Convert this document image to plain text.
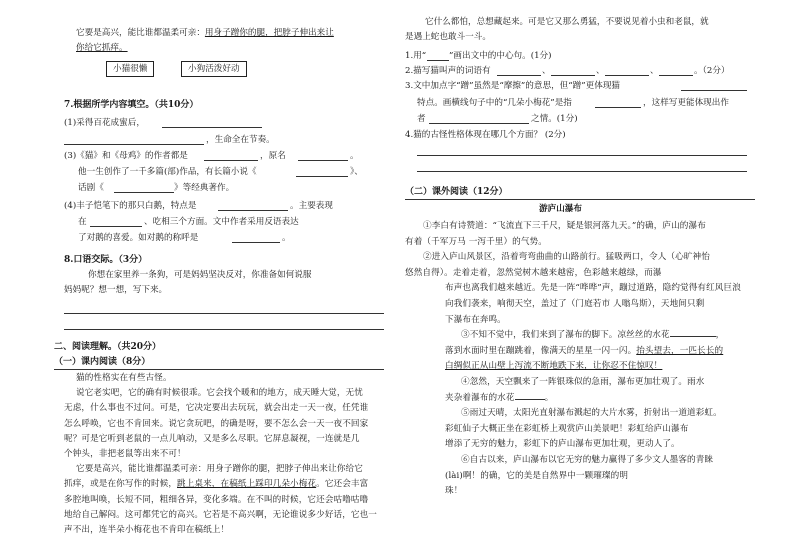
它要是高兴，能比谁都温柔可亲：用身子蹭你的腿，把脖子伸出来让

你给它抓痒。

小猫很懒	小狗活泼好动

7.根据所学内容填空。（共10分）

(1)采得百花成蜜后，

，生命全在节奏。

(3)《猫》和《母鸡》的作者都是	，原名	。

他一生创作了一千多篇(部)作品，有长篇小说《	》、

话剧《	》等经典著作。

(4)丰子恺笔下的那只白鹅，特点是	。主要表现

在	、吃相三个方面。文中作者采用反语表达

了对鹅的喜爱。如对鹅的称呼是	。

8.口语交际。（3分）

你想在家里养一条狗，可是妈妈坚决反对，你准备如何说服

妈妈呢？想一想，写下来。

二、阅读理解。（共20分）

（一）课内阅读（8分）

猫的性格实在有些古怪。

说它老实吧，它的确有时候很乖。它会找个暖和的地方，成天睡大觉，无忧

无虑，什么事也不过问。可是，它决定要出去玩玩，就会出走一天一夜，任凭谁

怎么呼唤，它也不肯回来。说它贪玩吧，的确是呀，要不怎么会一天一夜不回家

呢？可是它听到老鼠的一点儿响动，又是多么尽职。它屏息凝视，一连就是几

个钟头，非把老鼠等出来不可！

它要是高兴，能比谁都温柔可亲：用身子蹭你的腿，把脖子伸出来让你给它

抓痒，或是在你写作的时候，跳上桌来，在稿纸上踩印几朵小梅花。它还会丰富

多腔地叫唤，长短不同，粗细各异，变化多端。在不叫的时候，它还会咕噜咕噜

地给自己解闷。这可都凭它的高兴。它若是不高兴啊，无论谁说多少好话，它也一

声不出，连半朵小梅花也不肯印在稿纸上！

它什么都怕，总想藏起来。可是它又那么勇猛，不要说见着小虫和老鼠，就

是遇上蛇也敢斗一斗。

1.用“	”画出文中的中心句。(1分)

2.描写猫叫声的词语有	、	、	、	。（2分）

3.文中加点字“蹭”虽然是“摩擦”的意思，但“蹭”更体现猫

特点。画横线句子中的“几朵小梅花”是指	，这样写更能体现出作

者	之情。(1分)

4.猫的古怪性格体现在哪几个方面？ (2分)

（二）课外阅读（12分）

游庐山瀑布

①李白有诗赞道：“飞流直下三千尺，疑是银河落九天。”的确，庐山的瀑布

有着（千军万马 一泻千里）的气势。

②进入庐山风景区，沿着弯弯曲曲的山路前行。猛吸两口，令人（心旷神怡

悠然自得）。走着走着，忽然觉树木越来越密，色彩越来越绿，而瀑

布声也离我们越来越近。先是一阵“哗哗”声，蹦过道路，隐约觉得有红风巨浪

向我们袭来，响彻天空，盖过了（门庭若市 人嗡鸟斯），天地间只剩

下瀑布在奔鸣。

③不知不觉中，我们来到了瀑布的脚下。凉丝丝的水花	，

落到水面时里在蹦跳着，像满天的星星一闪一闪。抬头望去，一匹长长的

白绸似正从山壁上泻流不断地跌下来，让你忍不住惊叹！

④忽然，天空飘来了一阵银珠似的急雨，瀑布更加壮观了。雨水

夹杂着瀑布的水花	。

⑤雨过天晴，太阳光直射瀑布溅起的大片水雾，折射出一道道彩虹。

彩虹仙子大概正坐在彩虹桥上观赏庐山美景吧！彩虹给庐山瀑布

增添了无穷的魅力，彩虹下的庐山瀑布更加壮观，更动人了。

⑥自古以来，庐山瀑布以它无穷的魅力赢得了多少文人墨客的青睐

(lài)啊！的确，它的美是自然界中一颗璀璨的明

珠！
